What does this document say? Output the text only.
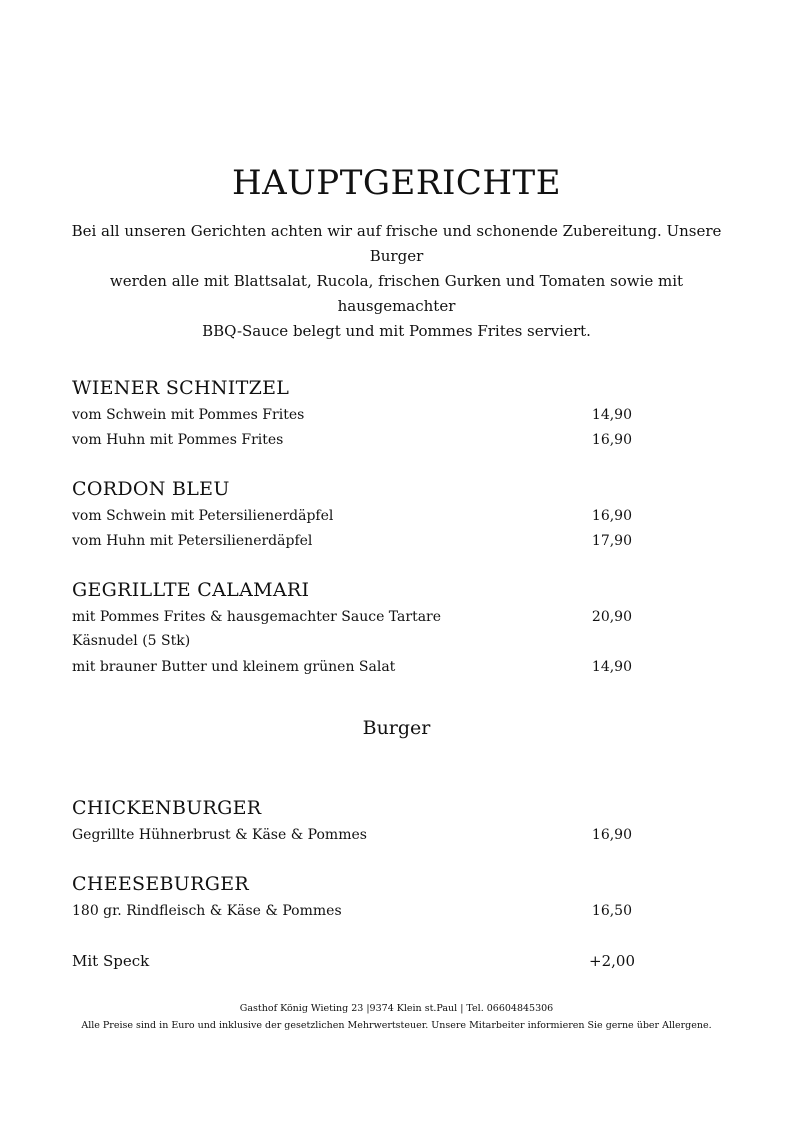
HAUPTGERICHTE
Bei all unseren Gerichten achten wir auf frische und schonende Zubereitung. Unsere Burger
werden alle mit Blattsalat, Rucola, frischen Gurken und Tomaten sowie mit hausgemachter
BBQ-Sauce belegt und mit Pommes Frites serviert.
WIENER SCHNITZEL
vom Schwein mit Pommes Frites	14,90
vom Huhn mit Pommes Frites	16,90
CORDON BLEU
vom Schwein mit Petersilienerdäpfel	16,90
vom Huhn mit Petersilienerdäpfel	17,90
GEGRILLTE CALAMARI
mit Pommes Frites & hausgemachter Sauce Tartare	20,90
Käsnudel (5 Stk)
mit brauner Butter und kleinem grünen Salat	14,90
Burger
CHICKENBURGER
Gegrillte Hühnerbrust & Käse & Pommes	16,90
CHEESEBURGER
180 gr. Rindfleisch & Käse & Pommes	16,50
Mit Speck	+2,00
Gasthof König Wieting 23 |9374 Klein st.Paul | Tel. 06604845306
Alle Preise sind in Euro und inklusive der gesetzlichen Mehrwertsteuer. Unsere Mitarbeiter informieren Sie gerne über Allergene.
